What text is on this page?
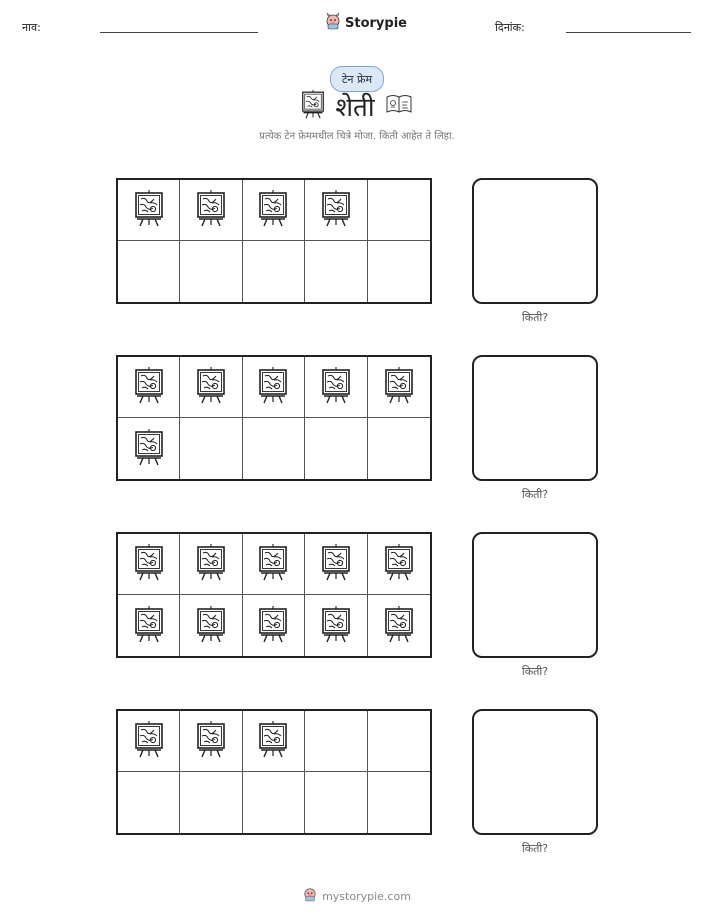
नाव:	Storypie	दिनांक:
टेन फ्रेम
शेती
प्रत्येक टेन फ्रेममधील चित्रे मोजा. किती आहेत ते लिहा.
किती?
किती?
किती?
किती?
mystorypie.com
